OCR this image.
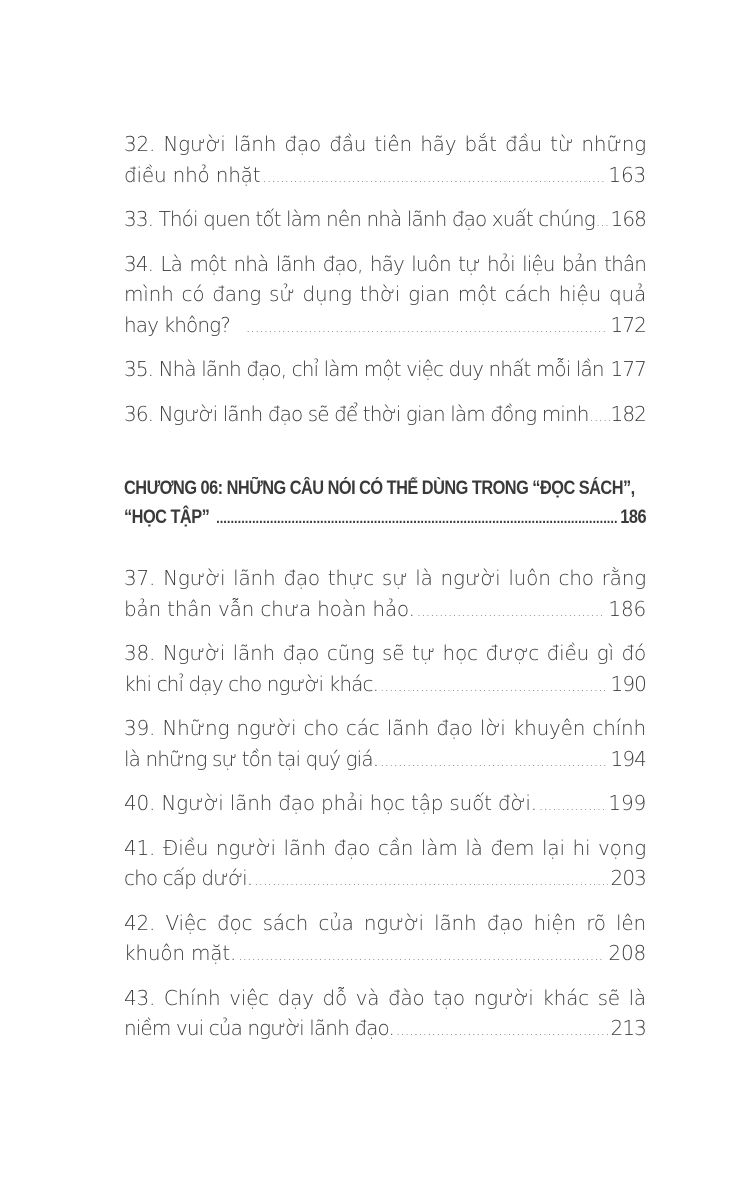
32. Người lãnh đạo đầu tiên hãy bắt đầu từ những
điều nhỏ nhặt .....	163
33. Thói quen tốt làm nên nhà lãnh đạo xuất chúng ..... 168
34. Là một nhà lãnh đạo, hãy luôn tự hỏi liệu bản thân
mình có đang sử dụng thời gian một cách hiệu quả
hay không? .....	172
35. Nhà lãnh đạo, chỉ làm một việc duy nhất mỗi lần ..... 177
36. Người lãnh đạo sẽ để thời gian làm đồng minh ..... 182
CHƯƠNG 06: NHỮNG CÂU NÓI CÓ THỂ DÙNG TRONG “ĐỌC SÁCH”,
“HỌC TẬP” .....	186
37. Người lãnh đạo thực sự là người luôn cho rằng
bản thân vẫn chưa hoàn hảo. .....	186
38. Người lãnh đạo cũng sẽ tự học được điều gì đó
khi chỉ dạy cho người khác. .....	190
39. Những người cho các lãnh đạo lời khuyên chính
là những sự tồn tại quý giá. .....	194
40. Người lãnh đạo phải học tập suốt đời. .....	199
41. Điều người lãnh đạo cần làm là đem lại hi vọng
cho cấp dưới. .....	203
42. Việc đọc sách của người lãnh đạo hiện rõ lên
khuôn mặt. .....	208
43. Chính việc dạy dỗ và đào tạo người khác sẽ là
niềm vui của người lãnh đạo. .....	213
